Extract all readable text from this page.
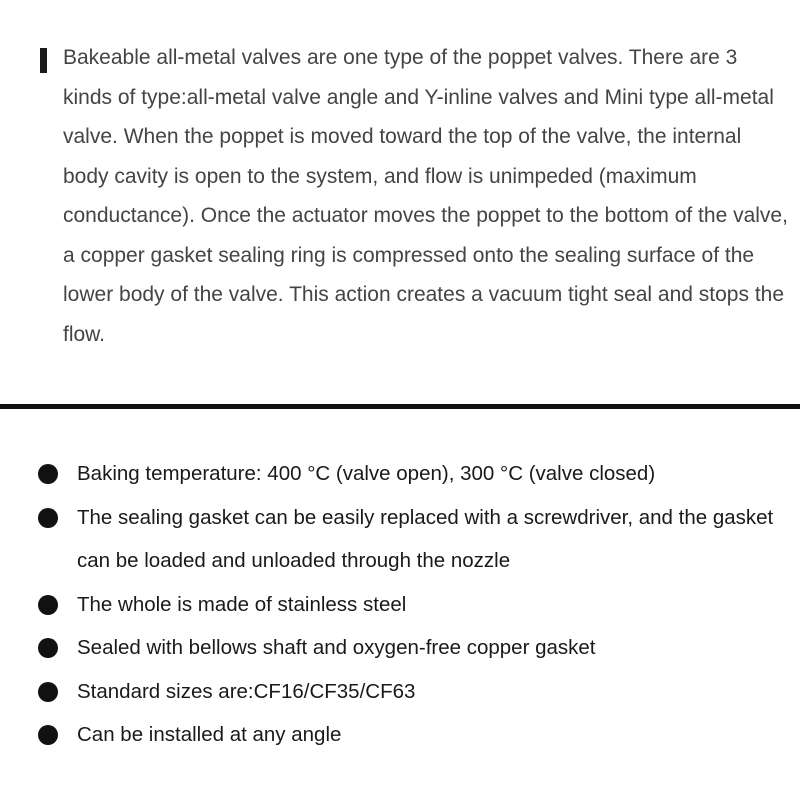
Bakeable all-metal valves are one type of the poppet valves. There are 3 kinds of type:all-metal valve angle and Y-inline valves and Mini type all-metal valve. When the poppet is moved toward the top of the valve, the internal body cavity is open to the system, and flow is unimpeded (maximum conductance). Once the actuator moves the poppet to the bottom of the valve, a copper gasket sealing ring is compressed onto the sealing surface of the lower body of the valve. This action creates a vacuum tight seal and stops the flow.

Baking temperature: 400 °C (valve open), 300 °C (valve closed)
The sealing gasket can be easily replaced with a screwdriver, and the gasket can be loaded and unloaded through the nozzle
The whole is made of stainless steel
Sealed with bellows shaft and oxygen-free copper gasket
Standard sizes are:CF16/CF35/CF63
Can be installed at any angle
